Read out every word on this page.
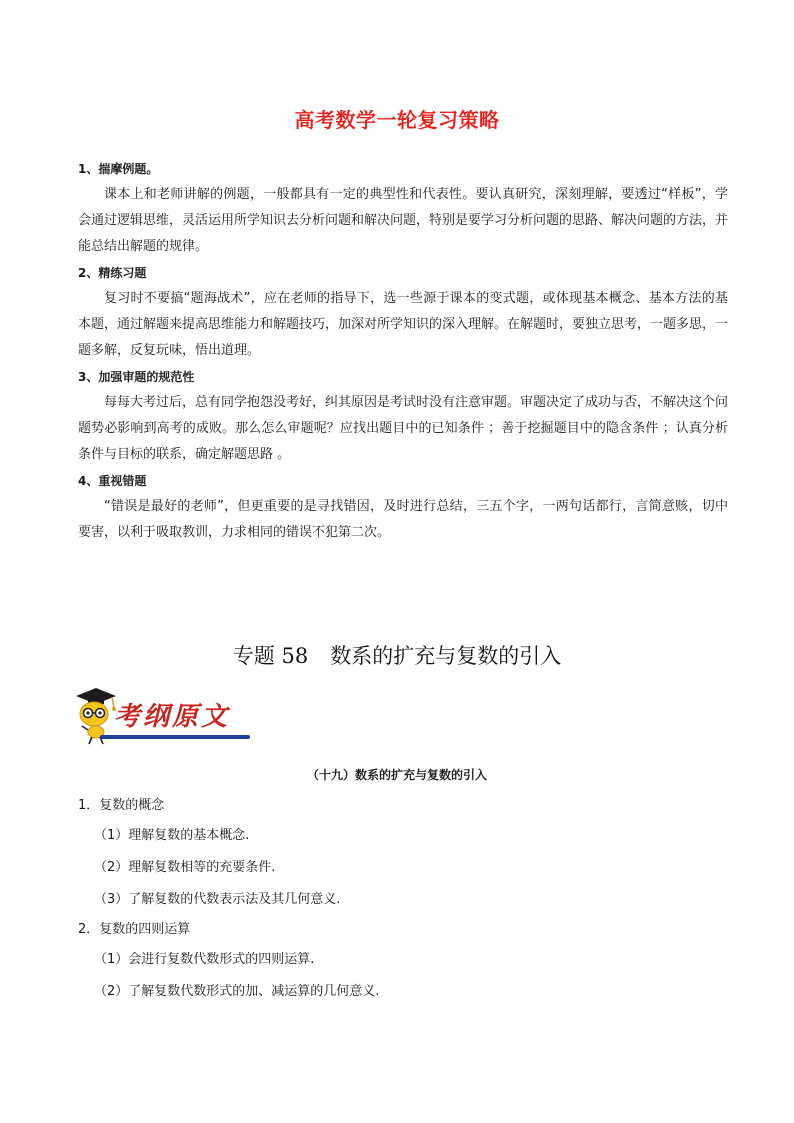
高考数学一轮复习策略

1、揣摩例题。

课本上和老师讲解的例题，一般都具有一定的典型性和代表性。要认真研究，深刻理解，要透过“样板”，学会通过逻辑思维，灵活运用所学知识去分析问题和解决问题，特别是要学习分析问题的思路、解决问题的方法，并能总结出解题的规律。

2、精练习题

复习时不要搞“题海战术”，应在老师的指导下，选一些源于课本的变式题，或体现基本概念、基本方法的基本题，通过解题来提高思维能力和解题技巧，加深对所学知识的深入理解。在解题时，要独立思考，一题多思，一题多解，反复玩味，悟出道理。

3、加强审题的规范性

每每大考过后，总有同学抱怨没考好，纠其原因是考试时没有注意审题。审题决定了成功与否，不解决这个问题势必影响到高考的成败。那么怎么审题呢？应找出题目中的已知条件 ；善于挖掘题目中的隐含条件 ；认真分析条件与目标的联系，确定解题思路 。

4、重视错题

“错误是最好的老师”，但更重要的是寻找错因，及时进行总结，三五个字，一两句话都行，言简意赅，切中要害，以利于吸取教训，力求相同的错误不犯第二次。

专题 58 数系的扩充与复数的引入
考纲原文
（十九）数系的扩充与复数的引入
1．复数的概念
（1）理解复数的基本概念.
（2）理解复数相等的充要条件.
（3）了解复数的代数表示法及其几何意义.
2．复数的四则运算
（1）会进行复数代数形式的四则运算.
（2）了解复数代数形式的加、减运算的几何意义.
